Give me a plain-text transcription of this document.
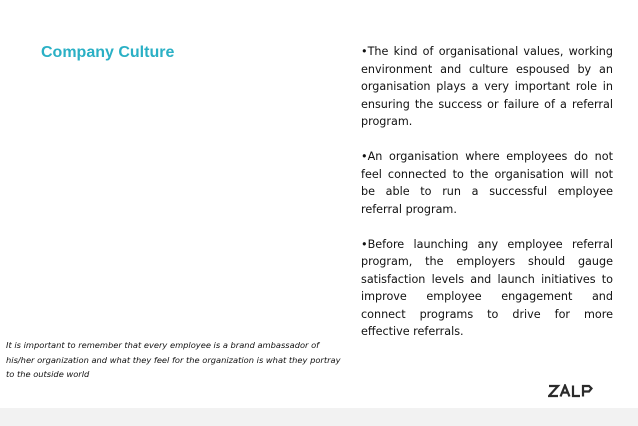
Company Culture	•The kind of organisational values, working environment and culture espoused by an organisation plays a very important role in ensuring the success or failure of a referral program.
•An organisation where employees do not feel connected to the organisation will not be able to run a successful employee referral program.
•Before launching any employee referral program, the employers should gauge satisfaction levels and launch initiatives to improve employee engagement and connect programs to drive for more effective referrals.
It is important to remember that every employee is a brand ambassador of his/her organization and what they feel for the organization is what they portray to the outside world
